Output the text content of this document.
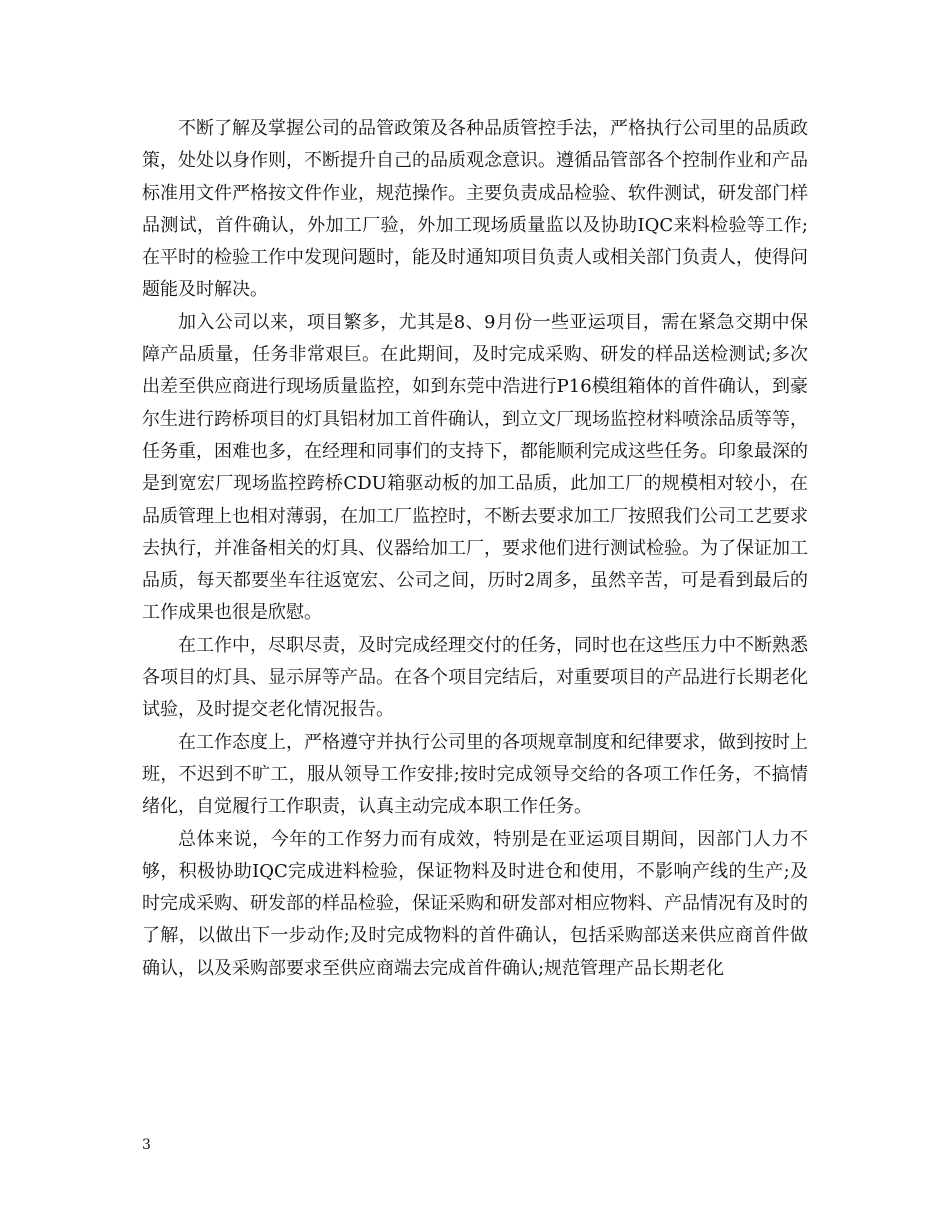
不断了解及掌握公司的品管政策及各种品质管控手法，严格执行公司里的品质政策，处处以身作则，不断提升自己的品质观念意识。遵循品管部各个控制作业和产品标准用文件严格按文件作业，规范操作。主要负责成品检验、软件测试，研发部门样品测试，首件确认，外加工厂验，外加工现场质量监以及协助IQC来料检验等工作;在平时的检验工作中发现问题时，能及时通知项目负责人或相关部门负责人，使得问题能及时解决。

加入公司以来，项目繁多，尤其是8、9月份一些亚运项目，需在紧急交期中保障产品质量，任务非常艰巨。在此期间，及时完成采购、研发的样品送检测试;多次出差至供应商进行现场质量监控，如到东莞中浩进行P16模组箱体的首件确认，到豪尔生进行跨桥项目的灯具铝材加工首件确认，到立文厂现场监控材料喷涂品质等等，任务重，困难也多，在经理和同事们的支持下，都能顺利完成这些任务。印象最深的是到宽宏厂现场监控跨桥CDU箱驱动板的加工品质，此加工厂的规模相对较小，在品质管理上也相对薄弱，在加工厂监控时，不断去要求加工厂按照我们公司工艺要求去执行，并准备相关的灯具、仪器给加工厂，要求他们进行测试检验。为了保证加工品质，每天都要坐车往返宽宏、公司之间，历时2周多，虽然辛苦，可是看到最后的工作成果也很是欣慰。

在工作中，尽职尽责，及时完成经理交付的任务，同时也在这些压力中不断熟悉各项目的灯具、显示屏等产品。在各个项目完结后，对重要项目的产品进行长期老化试验，及时提交老化情况报告。

在工作态度上，严格遵守并执行公司里的各项规章制度和纪律要求，做到按时上班，不迟到不旷工，服从领导工作安排;按时完成领导交给的各项工作任务，不搞情绪化，自觉履行工作职责，认真主动完成本职工作任务。

总体来说，今年的工作努力而有成效，特别是在亚运项目期间，因部门人力不够，积极协助IQC完成进料检验，保证物料及时进仓和使用，不影响产线的生产;及时完成采购、研发部的样品检验，保证采购和研发部对相应物料、产品情况有及时的了解，以做出下一步动作;及时完成物料的首件确认，包括采购部送来供应商首件做确认，以及采购部要求至供应商端去完成首件确认;规范管理产品长期老化

3
